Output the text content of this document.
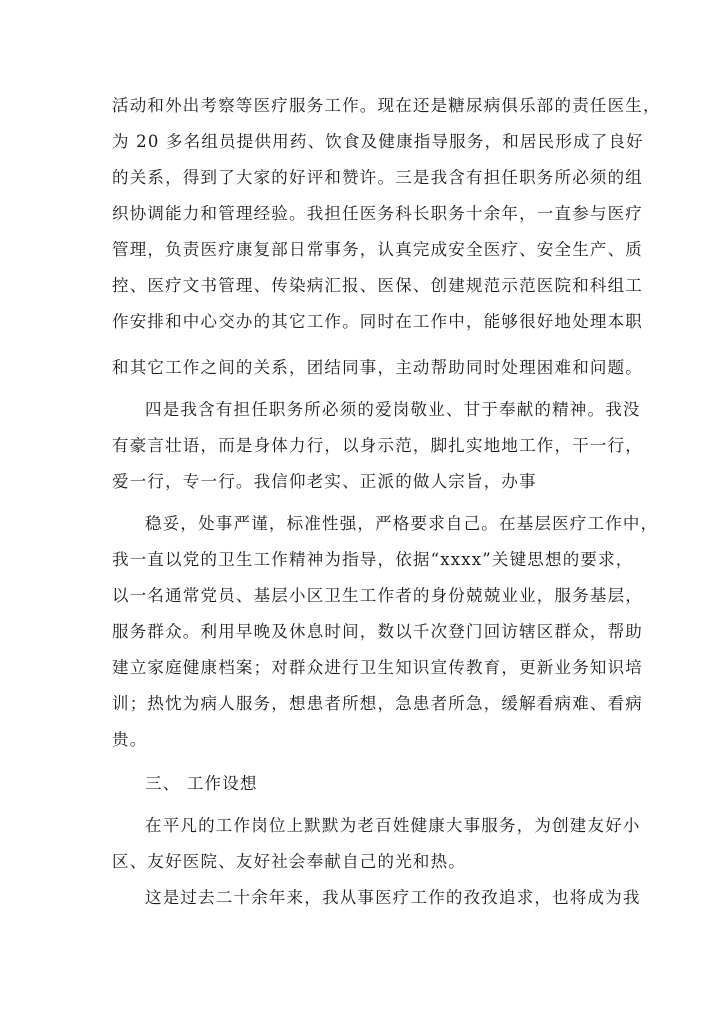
活动和外出考察等医疗服务工作。现在还是糖尿病俱乐部的责任医生，
为 20 多名组员提供用药、饮食及健康指导服务，和居民形成了良好
的关系，得到了大家的好评和赞许。三是我含有担任职务所必须的组
织协调能力和管理经验。我担任医务科长职务十余年，一直参与医疗
管理，负责医疗康复部日常事务，认真完成安全医疗、安全生产、质
控、医疗文书管理、传染病汇报、医保、创建规范示范医院和科组工
作安排和中心交办的其它工作。同时在工作中，能够很好地处理本职
和其它工作之间的关系，团结同事，主动帮助同时处理困难和问题。
四是我含有担任职务所必须的爱岗敬业、甘于奉献的精神。我没
有豪言壮语，而是身体力行，以身示范，脚扎实地地工作，干一行，
爱一行，专一行。我信仰老实、正派的做人宗旨，办事
稳妥，处事严谨，标准性强，严格要求自己。在基层医疗工作中，
我一直以党的卫生工作精神为指导，依据“xxxx”关键思想的要求，
以一名通常党员、基层小区卫生工作者的身份兢兢业业，服务基层，
服务群众。利用早晚及休息时间，数以千次登门回访辖区群众，帮助
建立家庭健康档案；对群众进行卫生知识宣传教育，更新业务知识培
训；热忱为病人服务，想患者所想，急患者所急，缓解看病难、看病
贵。
三、 工作设想
在平凡的工作岗位上默默为老百姓健康大事服务，为创建友好小
区、友好医院、友好社会奉献自己的光和热。
这是过去二十余年来，我从事医疗工作的孜孜追求，也将成为我
